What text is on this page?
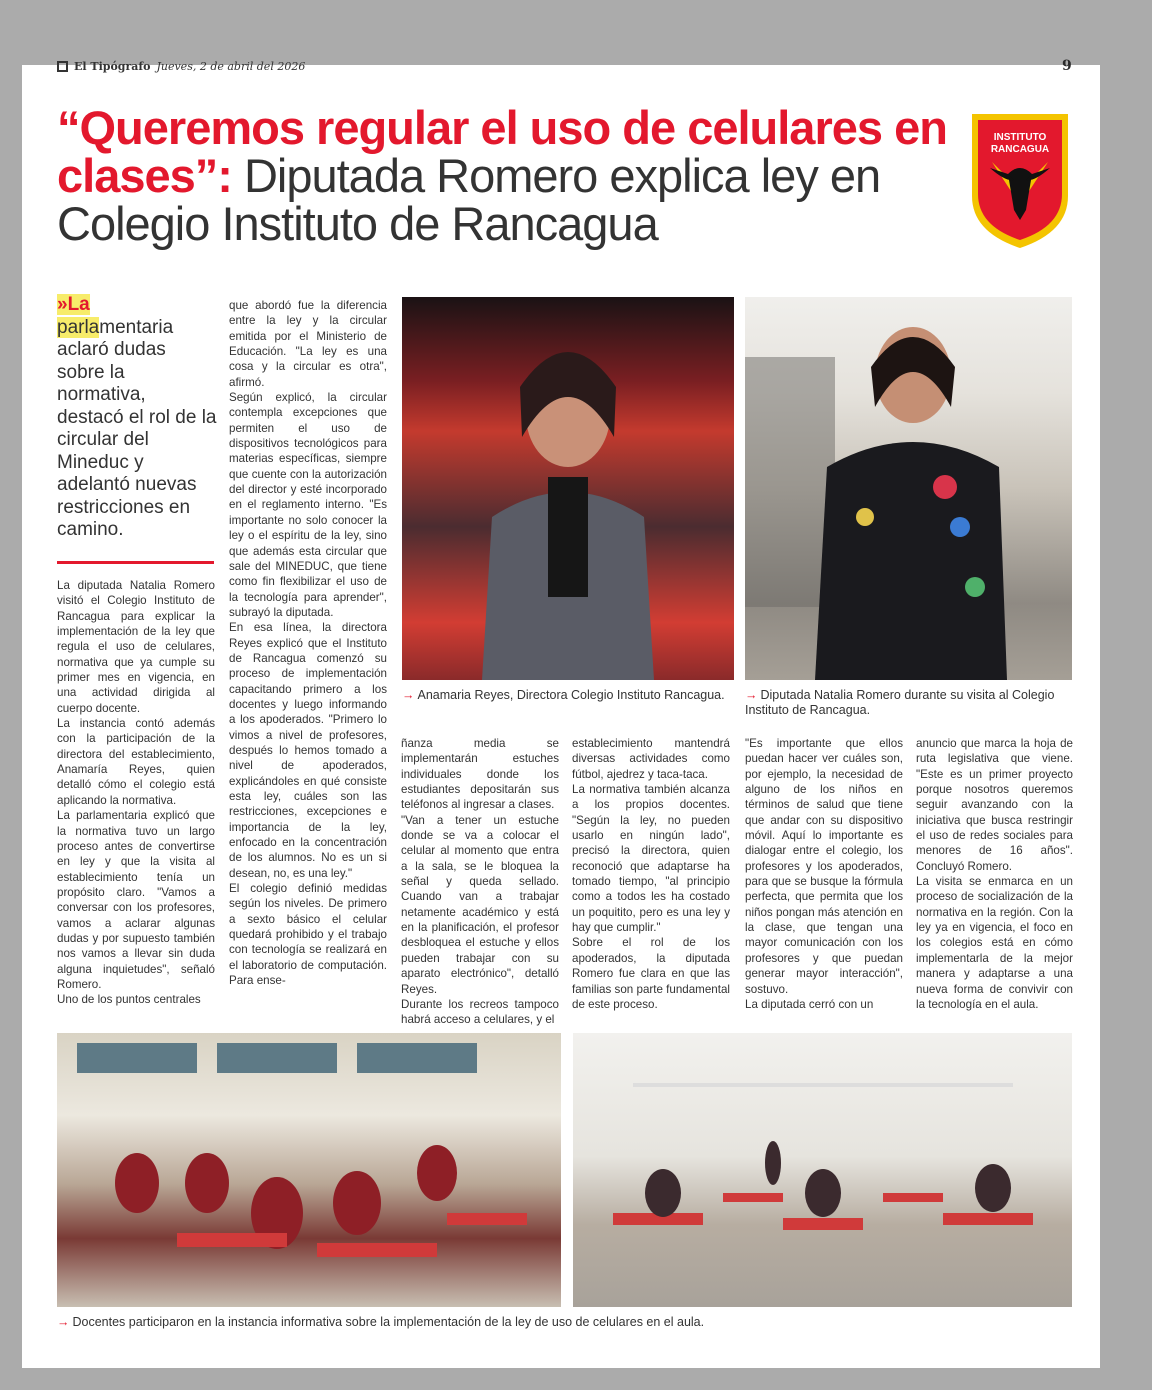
El Tipógrafo Jueves, 2 de abril del 2026	9
“Queremos regular el uso de celulares en clases”: Diputada Romero explica ley en Colegio Instituto de Rancagua
INSTITUTO
RANCAGUA
»La
parlamentaria aclaró dudas sobre la normativa, destacó el rol de la circular del Mineduc y adelantó nuevas restricciones en camino.

La diputada Natalia Romero visitó el Colegio Instituto de Rancagua para explicar la implementación de la ley que regula el uso de celulares, normativa que ya cumple su primer mes en vigencia, en una actividad dirigida al cuerpo docente.

La instancia contó además con la participación de la directora del establecimiento, Anamaría Reyes, quien detalló cómo el colegio está aplicando la normativa.

La parlamentaria explicó que la normativa tuvo un largo proceso antes de convertirse en ley y que la visita al establecimiento tenía un propósito claro. "Vamos a conversar con los profesores, vamos a aclarar algunas dudas y por supuesto también nos vamos a llevar sin duda alguna inquietudes", señaló Romero.

Uno de los puntos centrales

que abordó fue la diferencia entre la ley y la circular emitida por el Ministerio de Educación. "La ley es una cosa y la circular es otra", afirmó.

Según explicó, la circular contempla excepciones que permiten el uso de dispositivos tecnológicos para materias específicas, siempre que cuente con la autorización del director y esté incorporado en el reglamento interno. "Es importante no solo conocer la ley o el espíritu de la ley, sino que además esta circular que sale del MINEDUC, que tiene como fin flexibilizar el uso de la tecnología para aprender", subrayó la diputada.

En esa línea, la directora Reyes explicó que el Instituto de Rancagua comenzó su proceso de implementación capacitando primero a los docentes y luego informando a los apoderados. "Primero lo vimos a nivel de profesores, después lo hemos tomado a nivel de apoderados, explicándoles en qué consiste esta ley, cuáles son las restricciones, excepciones e importancia de la ley, enfocado en la concentración de los alumnos. No es un si desean, no, es una ley."

El colegio definió medidas según los niveles. De primero a sexto básico el celular quedará prohibido y el trabajo con tecnología se realizará en el laboratorio de computación. Para ense-

→ Anamaria Reyes, Directora Colegio Instituto Rancagua.	→ Diputada Natalia Romero durante su visita al Colegio Instituto de Rancagua.

ñanza media se implementarán estuches individuales donde los estudiantes depositarán sus teléfonos al ingresar a clases.

"Van a tener un estuche donde se va a colocar el celular al momento que entra a la sala, se le bloquea la señal y queda sellado. Cuando van a trabajar netamente académico y está en la planificación, el profesor desbloquea el estuche y ellos pueden trabajar con su aparato electrónico", detalló Reyes.

Durante los recreos tampoco habrá acceso a celulares, y el

establecimiento mantendrá diversas actividades como fútbol, ajedrez y taca-taca.

La normativa también alcanza a los propios docentes. "Según la ley, no pueden usarlo en ningún lado", precisó la directora, quien reconoció que adaptarse ha tomado tiempo, "al principio como a todos les ha costado un poquitito, pero es una ley y hay que cumplir."

Sobre el rol de los apoderados, la diputada Romero fue clara en que las familias son parte fundamental de este proceso.

"Es importante que ellos puedan hacer ver cuáles son, por ejemplo, la necesidad de alguno de los niños en términos de salud que tiene que andar con su dispositivo móvil. Aquí lo importante es dialogar entre el colegio, los profesores y los apoderados, para que se busque la fórmula perfecta, que permita que los niños pongan más atención en la clase, que tengan una mayor comunicación con los profesores y que puedan generar mayor interacción", sostuvo.

La diputada cerró con un

anuncio que marca la hoja de ruta legislativa que viene. "Este es un primer proyecto porque nosotros queremos seguir avanzando con la iniciativa que busca restringir el uso de redes sociales para menores de 16 años". Concluyó Romero.

La visita se enmarca en un proceso de socialización de la normativa en la región. Con la ley ya en vigencia, el foco en los colegios está en cómo implementarla de la mejor manera y adaptarse a una nueva forma de convivir con la tecnología en el aula.

→ Docentes participaron en la instancia informativa sobre la implementación de la ley de uso de celulares en el aula.
